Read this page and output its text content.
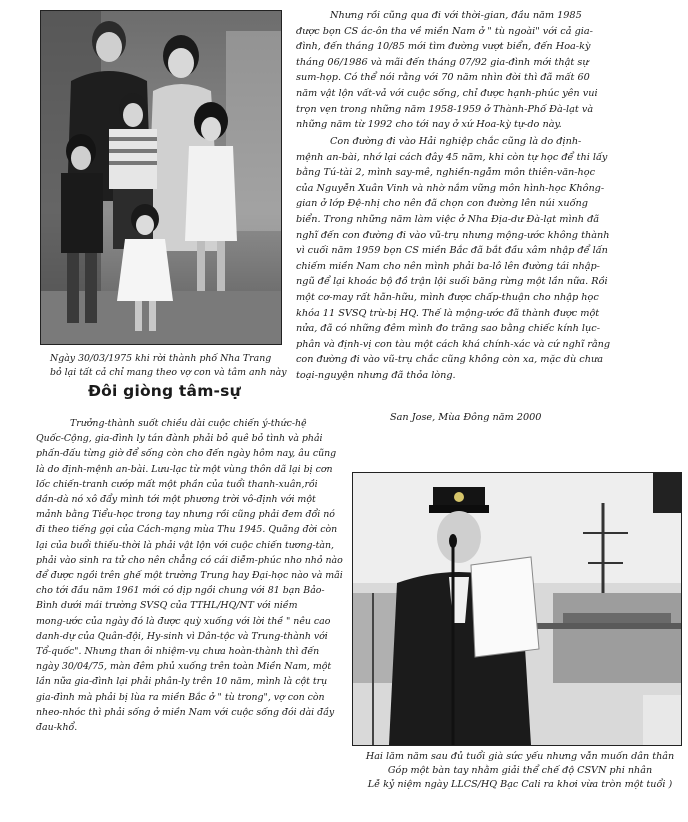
Ngày 30/03/1975 khi rời thành phố Nha Trang
bỏ lại tất cả chỉ mang theo vợ con và tâm anh này
Nhưng rồi cũng qua đi với thời-gian, đầu năm 1985
được bọn CS ác-ôn tha về miền Nam ở " tù ngoài" với cả gia-
đình, đến tháng 10/85 mới tìm đường vượt biển, đến Hoa-kỳ
tháng 06/1986 và mãi đến tháng 07/92 gia-đình mới thật sự
sum-họp. Có thể nói rằng với 70 năm nhìn đời thì đã mất 60
năm vật lộn vất-vả với cuộc sống, chỉ được hạnh-phúc yên vui
trọn vẹn trong những năm 1958-1959 ở Thành-Phố Đà-lạt và
những năm từ 1992 cho tới nay ở xứ Hoa-kỳ tự-do này.
Con đường đi vào Hải nghiệp chắc cũng là do định-
mệnh an-bài, nhớ lại cách đây 45 năm, khi còn tự học để thi lấy
bằng Tú-tài 2, mình say-mê, nghiền-ngẫm môn thiên-văn-học
của Nguyễn Xuân Vinh và nhờ nắm vững môn hình-học Không-
gian ở lớp Đệ-nhị cho nên đã chọn con đường lên núi xuống
biển. Trong những năm làm việc ở Nha Địa-dư Đà-lạt mình đã
nghĩ đến con đường đi vào vũ-trụ nhưng mộng-ước không thành
vì cuối năm 1959 bọn CS miền Bắc đã bắt đầu xâm nhập để lấn
chiếm miền Nam cho nên mình phải ba-lô lên đường tái nhập-
ngũ để lại khoác bộ đồ trận lội suối băng rừng một lần nữa. Rồi
một cơ-may rất hãn-hữu, mình được chấp-thuận cho nhập học
khóa 11 SVSQ trừ-bị HQ. Thế là mộng-ước đã thành được một
nửa, đã có những đêm mình đo trăng sao bằng chiếc kính lục-
phân và định-vị con tàu một cách khá chính-xác và cứ nghĩ rằng
con đường đi vào vũ-trụ chắc cũng không còn xa, mặc dù chưa
toại-nguyện nhưng đã thỏa lòng.
San Jose, Mùa Đông năm 2000
Đôi giòng tâm-sự
Trưởng-thành suốt chiều dài cuộc chiến ý-thức-hệ
Quốc-Cộng, gia-đình ly tán đành phải bỏ quê bỏ tình và phải
phấn-đấu từng giờ để sống còn cho đến ngày hôm nay, âu cũng
là do định-mệnh an-bài. Lưu-lạc từ một vùng thôn dã lại bị cơn
lốc chiến-tranh cướp mất một phần của tuổi thanh-xuân,rồi
dần-dà nó xô đẩy mình tới một phương trời vô-định với một
mảnh bằng Tiểu-học trong tay nhưng rồi cũng phải đem đổi nó
đi theo tiếng gọi của Cách-mạng mùa Thu 1945. Quãng đời còn
lại của buổi thiếu-thời là phải vật lộn với cuộc chiến tương-tàn,
phải vào sinh ra tử cho nên chẳng có cái diễm-phúc nho nhỏ nào
để được ngồi trên ghế một trường Trung hay Đại-học nào và mãi
cho tới đầu năm 1961 mới có dịp ngồi chung với 81 bạn Bảo-
Bình dưới mái trường SVSQ của TTHL/HQ/NT với niềm
mong-ước của ngày đó là được quỳ xuống với lời thề " nêu cao
danh-dự của Quân-đội, Hy-sinh vì Dân-tộc và Trung-thành với
Tổ-quốc". Nhưng than ôi nhiệm-vụ chưa hoàn-thành thì đến
ngày 30/04/75, màn đêm phủ xuống trên toàn Miền Nam, một
lần nữa gia-đình lại phải phân-ly trên 10 năm, mình là cột trụ
gia-đình mà phải bị lùa ra miền Bắc ở " tù trong", vợ con còn
nheo-nhóc thì phải sống ở miền Nam với cuộc sống đói dài đầy
đau-khổ.
Hai lăm năm sau đủ tuổi già sức yếu nhưng vẫn muốn dân thân
Góp một bàn tay nhằm giải thể chế độ CSVN phi nhân
Lễ kỷ niệm ngày LLCS/HQ Bạc Cali ra khơi vừa tròn một tuổi )
